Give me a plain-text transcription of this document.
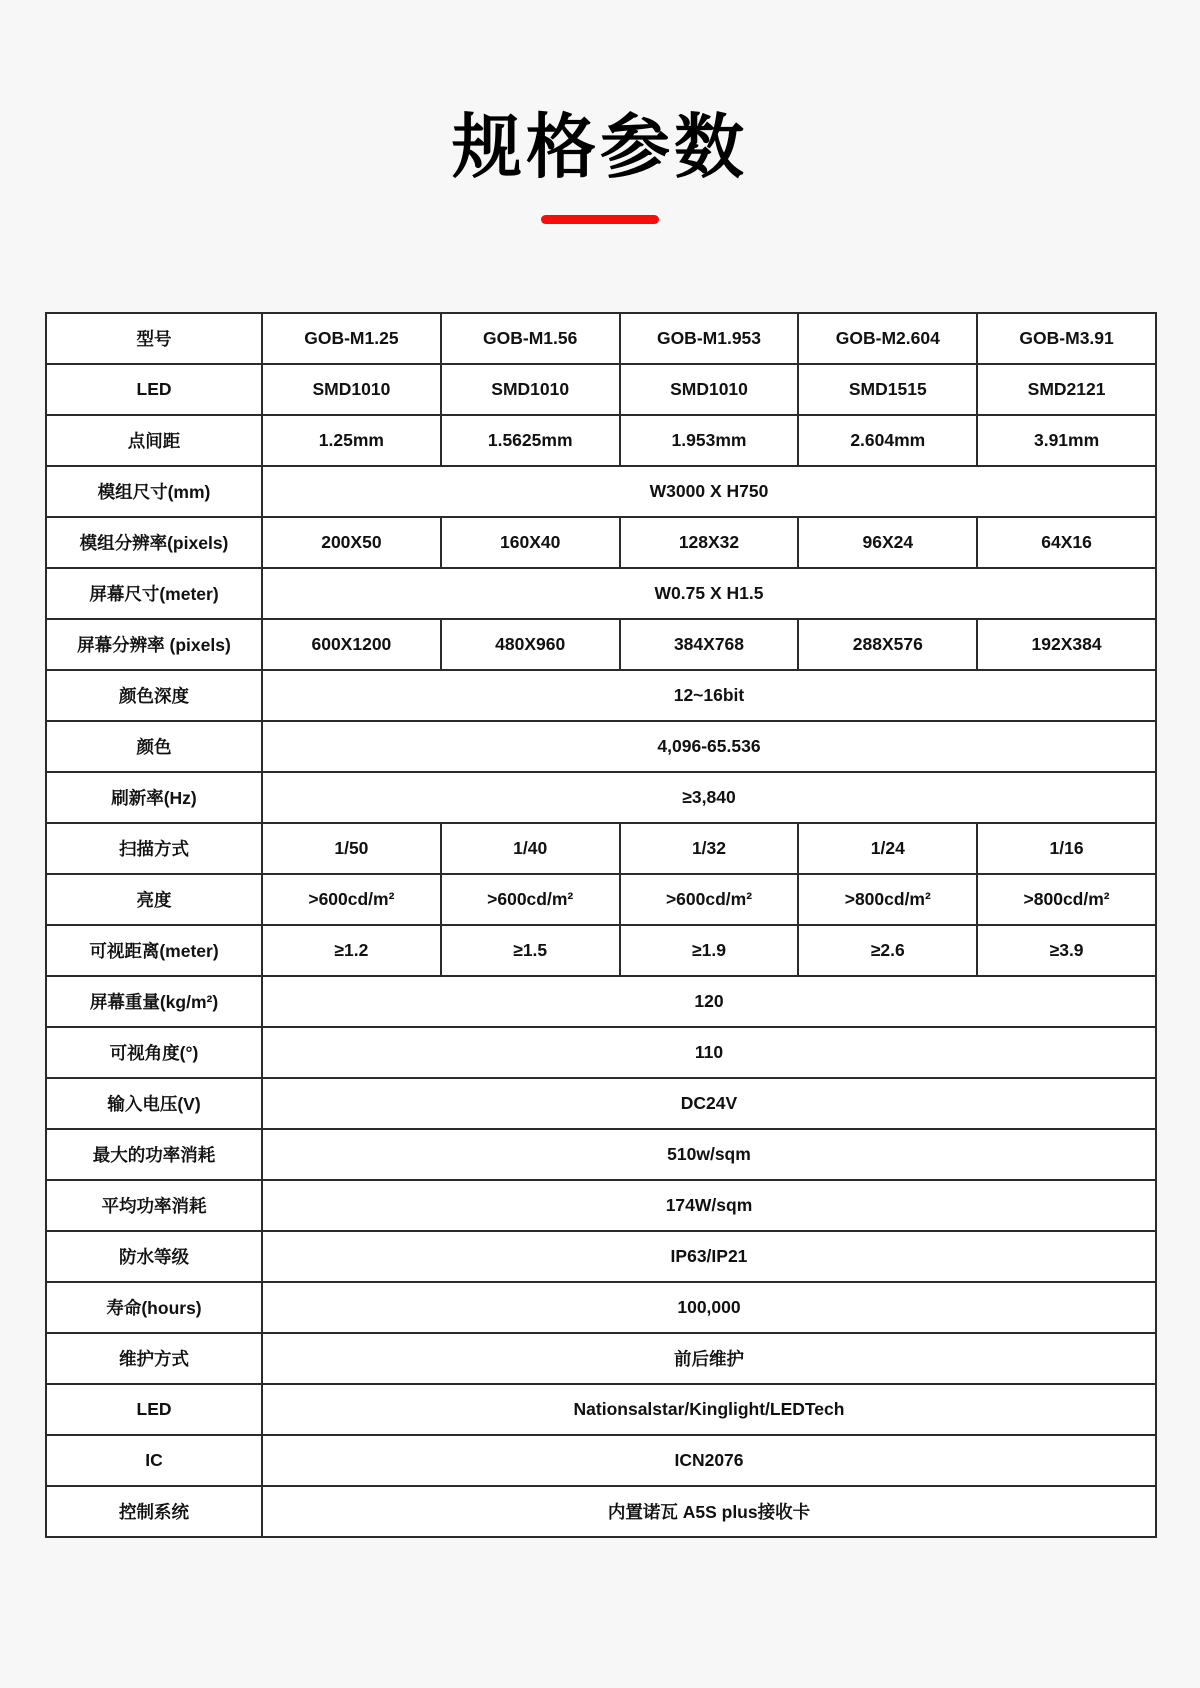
规格参数
型号	GOB-M1.25	GOB-M1.56	GOB-M1.953	GOB-M2.604	GOB-M3.91
LED	SMD1010	SMD1010	SMD1010	SMD1515	SMD2121
点间距	1.25mm	1.5625mm	1.953mm	2.604mm	3.91mm
模组尺寸(mm)	W3000 X H750				
模组分辨率(pixels)	200X50	160X40	128X32	96X24	64X16
屏幕尺寸(meter)	W0.75 X H1.5				
屏幕分辨率 (pixels)	600X1200	480X960	384X768	288X576	192X384
颜色深度	12~16bit				
颜色	4,096-65.536				
刷新率(Hz)	≥3,840				
扫描方式	1/50	1/40	1/32	1/24	1/16
亮度	>600cd/m²	>600cd/m²	>600cd/m²	>800cd/m²	>800cd/m²
可视距离(meter)	≥1.2	≥1.5	≥1.9	≥2.6	≥3.9
屏幕重量(kg/m²)	120				
可视角度(°)	110				
输入电压(V)	DC24V				
最大的功率消耗	510w/sqm				
平均功率消耗	174W/sqm				
防水等级	IP63/IP21				
寿命(hours)	100,000				
维护方式	前后维护				
LED	Nationsalstar/Kinglight/LEDTech				
IC	ICN2076				
控制系统	内置诺瓦 A5S plus接收卡				
